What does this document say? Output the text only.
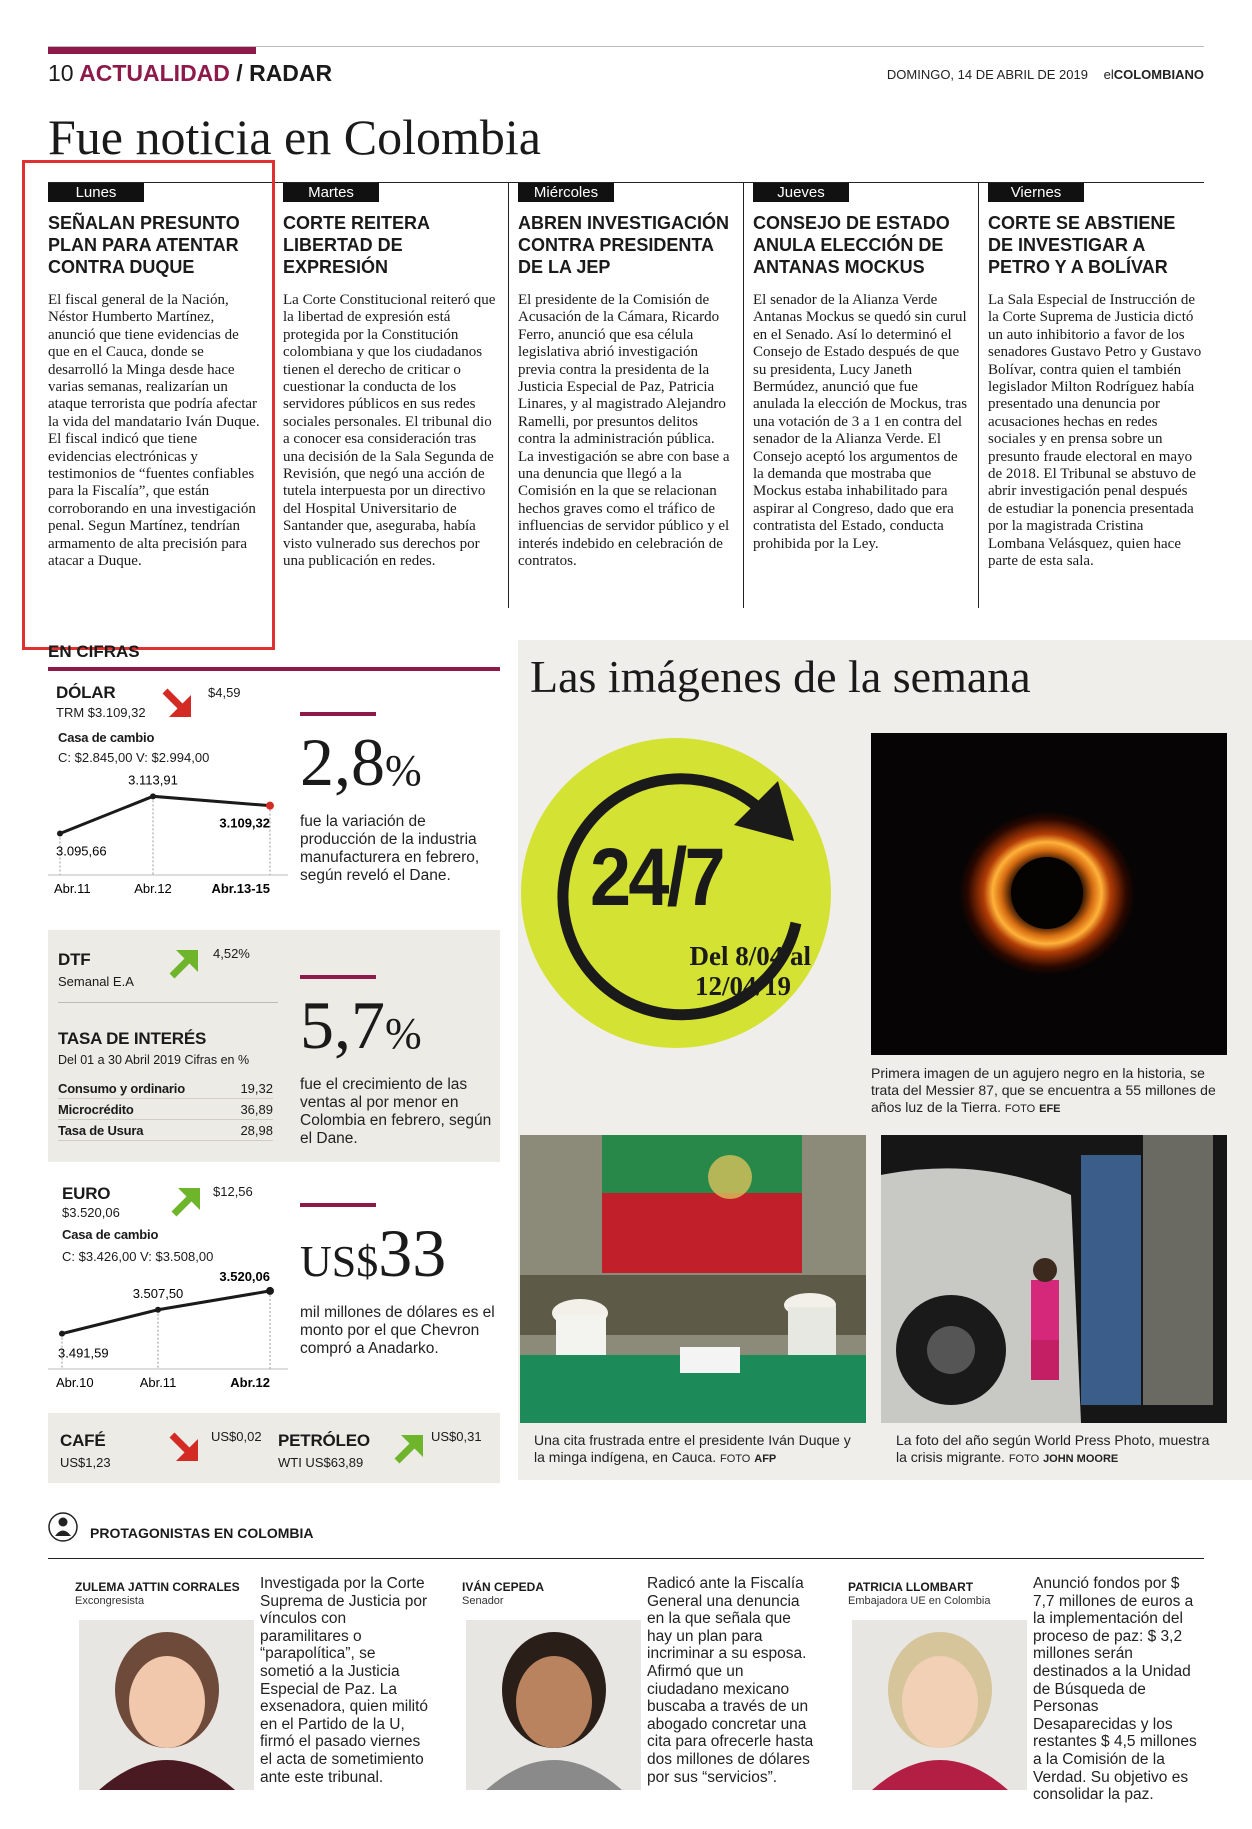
10 ACTUALIDAD / RADAR	DOMINGO, 14 DE ABRIL DE 2019 elCOLOMBIANO
Fue noticia en Colombia
Lunes
SEÑALAN PRESUNTO PLAN PARA ATENTAR CONTRA DUQUE
El fiscal general de la Nación, Néstor Humberto Martínez, anunció que tiene evidencias de que en el Cauca, donde se desarrolló la Minga desde hace varias semanas, realizarían un ataque terrorista que podría afectar la vida del mandatario Iván Duque. El fiscal indicó que tiene evidencias electrónicas y testimonios de “fuentes confiables para la Fiscalía”, que están corroborando en una investigación penal. Segun Martínez, tendrían armamento de alta precisión para atacar a Duque.
Martes
CORTE REITERA LIBERTAD DE EXPRESIÓN
La Corte Constitucional reiteró que la libertad de expresión está protegida por la Constitución colombiana y que los ciudadanos tienen el derecho de criticar o cuestionar la conducta de los servidores públicos en sus redes sociales personales. El tribunal dio a conocer esa consideración tras una decisión de la Sala Segunda de Revisión, que negó una acción de tutela interpuesta por un directivo del Hospital Universitario de Santander que, aseguraba, había visto vulnerado sus derechos por una publicación en redes.
Miércoles
ABREN INVESTIGACIÓN CONTRA PRESIDENTA DE LA JEP
El presidente de la Comisión de Acusación de la Cámara, Ricardo Ferro, anunció que esa célula legislativa abrió investigación previa contra la presidenta de la Justicia Especial de Paz, Patricia Linares, y al magistrado Alejandro Ramelli, por presuntos delitos contra la administración pública. La investigación se abre con base a una denuncia que llegó a la Comisión en la que se relacionan hechos graves como el tráfico de influencias de servidor público y el interés indebido en celebración de contratos.
Jueves
CONSEJO DE ESTADO ANULA ELECCIÓN DE ANTANAS MOCKUS
El senador de la Alianza Verde Antanas Mockus se quedó sin curul en el Senado. Así lo determinó el Consejo de Estado después de que su presidenta, Lucy Janeth Bermúdez, anunció que fue anulada la elección de Mockus, tras una votación de 3 a 1 en contra del senador de la Alianza Verde. El Consejo aceptó los argumentos de la demanda que mostraba que Mockus estaba inhabilitado para aspirar al Congreso, dado que era contratista del Estado, conducta prohibida por la Ley.
Viernes
CORTE SE ABSTIENE DE INVESTIGAR A PETRO Y A BOLÍVAR
La Sala Especial de Instrucción de la Corte Suprema de Justicia dictó un auto inhibitorio a favor de los senadores Gustavo Petro y Gustavo Bolívar, contra quien el también legislador Milton Rodríguez había presentado una denuncia por acusaciones hechas en redes sociales y en prensa sobre un presunto fraude electoral en mayo de 2018. El Tribunal se abstuvo de abrir investigación penal después de estudiar la ponencia presentada por la magistrada Cristina Lombana Velásquez, quien hace parte de esta sala.
EN CIFRAS
DÓLAR
TRM $3.109,32
$4,59
Casa de cambio
C: $2.845,00 V: $2.994,00
3.095,66
Abr.11
3.113,91
Abr.12
3.109,32
Abr.13-15
DTF
Semanal E.A
4,52%
TASA DE INTERÉS
Del 01 a 30 Abril 2019 Cifras en %
Consumo y ordinario	19,32
Microcrédito	36,89
Tasa de Usura	28,98
EURO
$3.520,06
$12,56
Casa de cambio
C: $3.426,00 V: $3.508,00
3.491,59
Abr.10
3.507,50
Abr.11
3.520,06
Abr.12
CAFÉ
US$1,23
US$0,02 PETRÓLEO
WTI US$63,89
US$0,31
2,8%
fue la variación de producción de la industria manufacturera en febrero, según reveló el Dane.
5,7%
fue el crecimiento de las ventas al por menor en Colombia en febrero, según el Dane.
US$33
mil millones de dólares es el monto por el que Chevron compró a Anadarko.
Las imágenes de la semana
24/7
Del 8/04 al
12/04/19
Primera imagen de un agujero negro en la historia, se trata del Messier 87, que se encuentra a 55 millones de años luz de la Tierra. FOTO EFE
Una cita frustrada entre el presidente Iván Duque y la minga indígena, en Cauca. FOTO AFP
La foto del año según World Press Photo, muestra la crisis migrante. FOTO JOHN MOORE
PROTAGONISTAS EN COLOMBIA
ZULEMA JATTIN CORRALES
Excongresista
Investigada por la Corte Suprema de Justicia por vínculos con paramilitares o “parapolítica”, se sometió a la Justicia Especial de Paz. La exsenadora, quien militó en el Partido de la U, firmó el pasado viernes el acta de sometimiento ante este tribunal.
IVÁN CEPEDA
Senador
Radicó ante la Fiscalía General una denuncia en la que señala que hay un plan para incriminar a su esposa. Afirmó que un ciudadano mexicano buscaba a través de un abogado concretar una cita para ofrecerle hasta dos millones de dólares por sus “servicios”.
PATRICIA LLOMBART
Embajadora UE en Colombia
Anunció fondos por $ 7,7 millones de euros a la implementación del proceso de paz: $ 3,2 millones serán destinados a la Unidad de Búsqueda de Personas Desaparecidas y los restantes $ 4,5 millones a la Comisión de la Verdad. Su objetivo es consolidar la paz.
